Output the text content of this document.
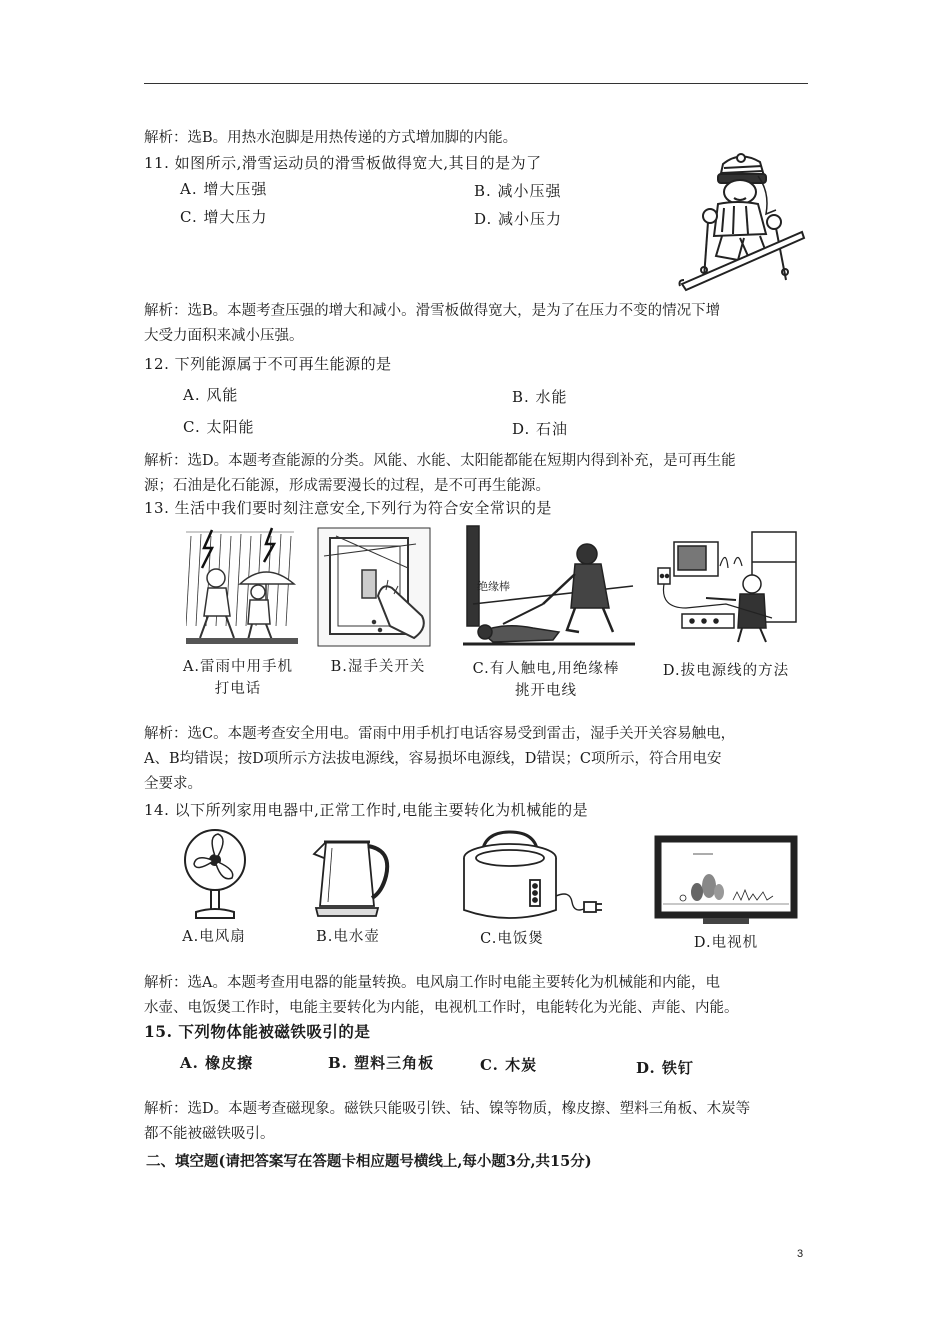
解析：选B。用热水泡脚是用热传递的方式增加脚的内能。
11. 如图所示,滑雪运动员的滑雪板做得宽大,其目的是为了
A. 增大压强	B. 减小压强
C. 增大压力	D. 减小压力
解析：选B。本题考查压强的增大和减小。滑雪板做得宽大，是为了在压力不变的情况下增
大受力面积来减小压强。
12. 下列能源属于不可再生能源的是
A. 风能	B. 水能
C. 太阳能	D. 石油
解析：选D。本题考查能源的分类。风能、水能、太阳能都能在短期内得到补充，是可再生能
源；石油是化石能源，形成需要漫长的过程，是不可再生能源。
13. 生活中我们要时刻注意安全,下列行为符合安全常识的是
绝缘棒
A.雷雨中用手机
打电话
B.湿手关开关	C.有人触电,用绝缘棒
挑开电线
D.拔电源线的方法
解析：选C。本题考查安全用电。雷雨中用手机打电话容易受到雷击，湿手关开关容易触电，
A、B均错误；按D项所示方法拔电源线，容易损坏电源线，D错误；C项所示，符合用电安
全要求。
14. 以下所列家用电器中,正常工作时,电能主要转化为机械能的是
A.电风扇	B.电水壶	C.电饭煲	D.电视机
解析：选A。本题考查用电器的能量转换。电风扇工作时电能主要转化为机械能和内能，电
水壶、电饭煲工作时，电能主要转化为内能，电视机工作时，电能转化为光能、声能、内能。
15. 下列物体能被磁铁吸引的是
A. 橡皮擦	B. 塑料三角板	C. 木炭	D. 铁钉
解析：选D。本题考查磁现象。磁铁只能吸引铁、钴、镍等物质，橡皮擦、塑料三角板、木炭等
都不能被磁铁吸引。
二、填空题(请把答案写在答题卡相应题号横线上,每小题3分,共15分)
3
